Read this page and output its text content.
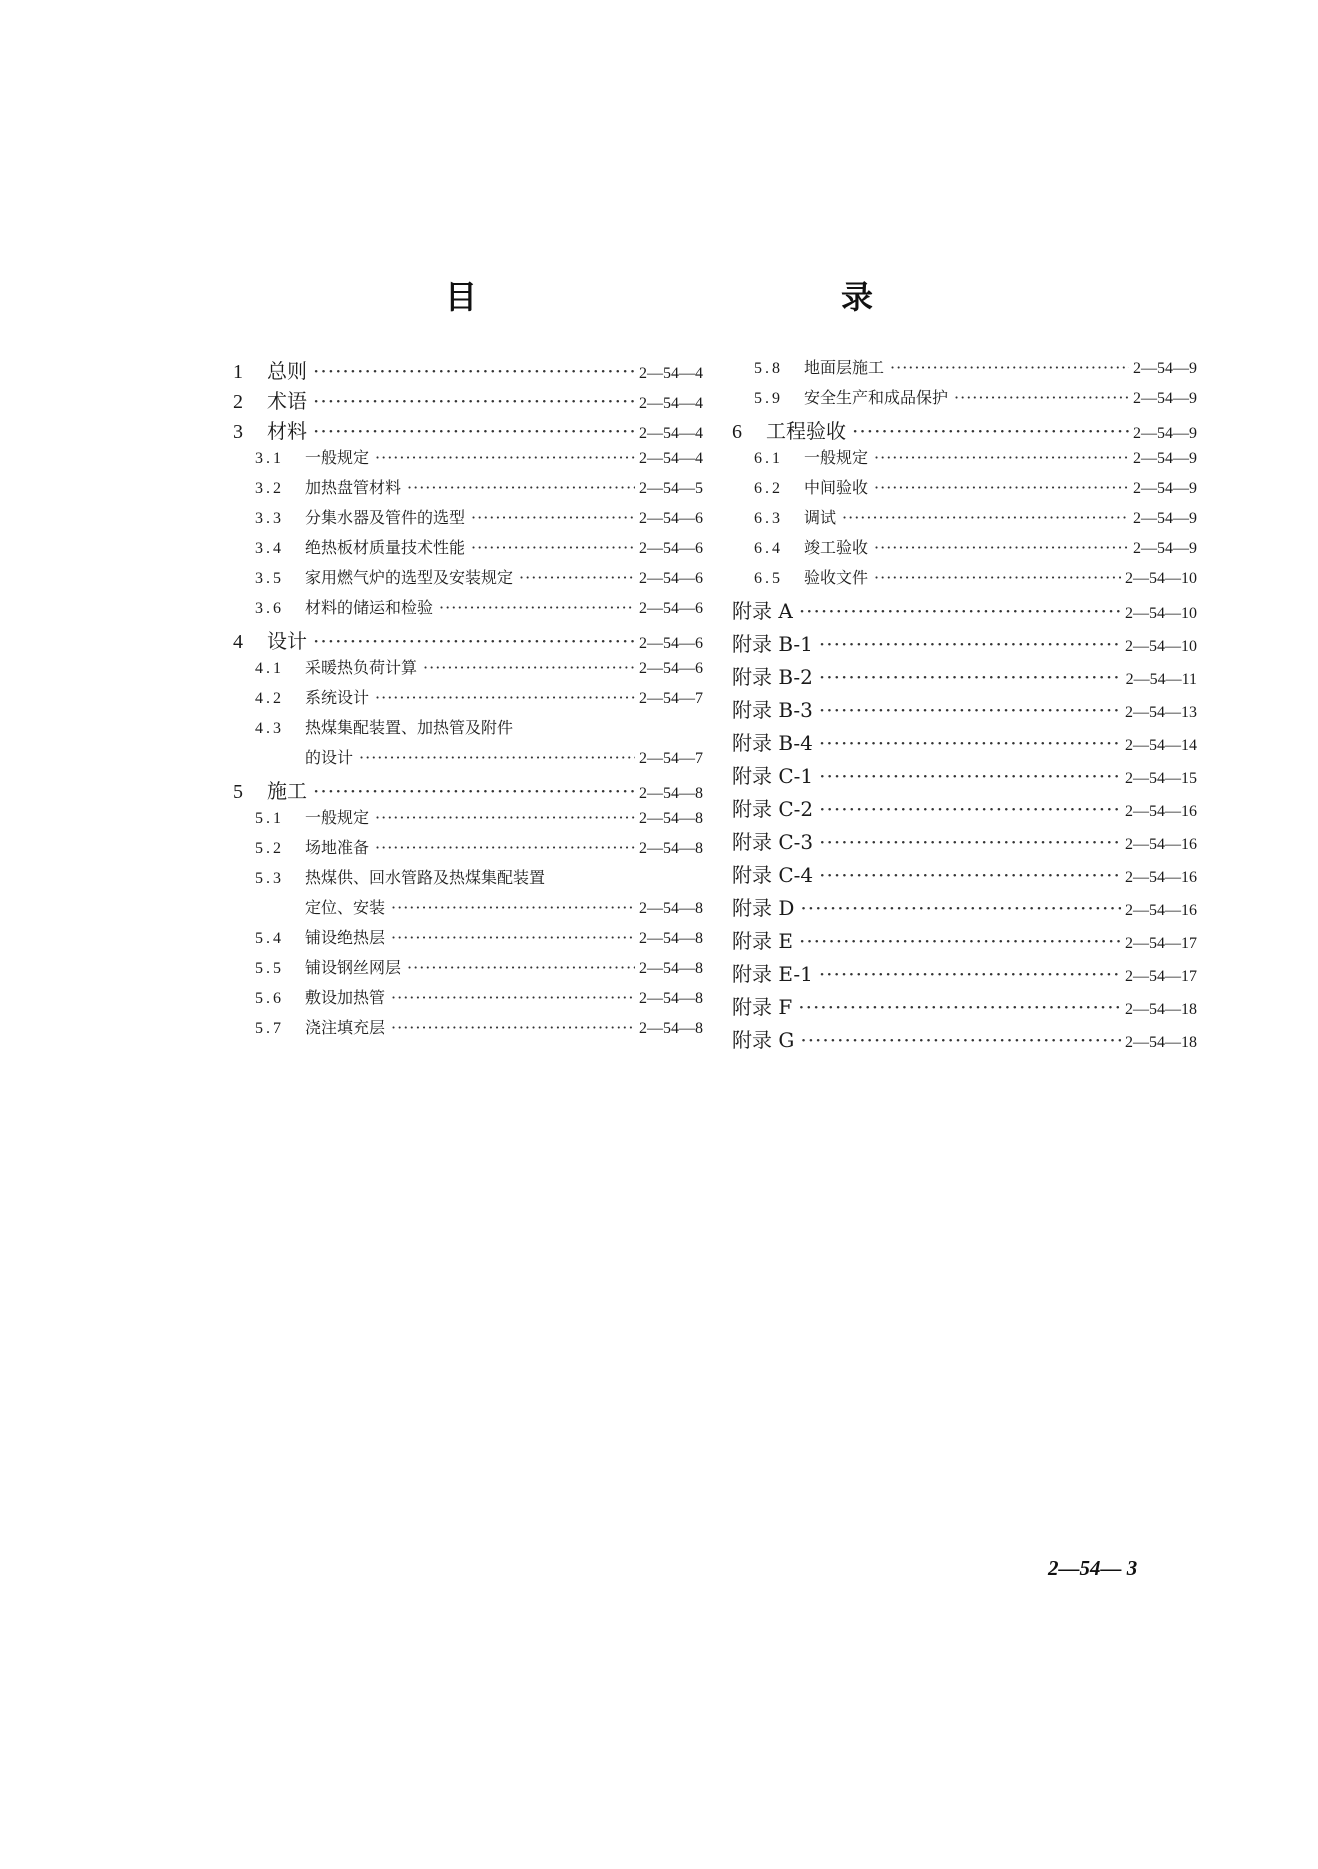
目　　录
1	总则 ·····	2—54—4
2	术语 ·····	2—54—4
3	材料 ·····	2—54—4
3.1	一般规定 ·····	2—54—4
3.2	加热盘管材料 ·····	2—54—5
3.3	分集水器及管件的选型 ·····	2—54—6
3.4	绝热板材质量技术性能 ·····	2—54—6
3.5	家用燃气炉的选型及安装规定 ·····	2—54—6
3.6	材料的储运和检验 ·····	2—54—6
4	设计 ·····	2—54—6
4.1	采暖热负荷计算 ·····	2—54—6
4.2	系统设计 ·····	2—54—7
4.3	热煤集配装置、加热管及附件
的设计 ·····	2—54—7
5	施工 ·····	2—54—8
5.1	一般规定 ·····	2—54—8
5.2	场地准备 ·····	2—54—8
5.3	热煤供、回水管路及热煤集配装置
定位、安装 ·····	2—54—8
5.4	铺设绝热层 ·····	2—54—8
5.5	铺设钢丝网层 ·····	2—54—8
5.6	敷设加热管 ·····	2—54—8
5.7	浇注填充层 ·····	2—54—8
5.8	地面层施工 ·····	2—54—9
5.9	安全生产和成品保护 ·····	2—54—9
6	工程验收 ·····	2—54—9
6.1	一般规定 ·····	2—54—9
6.2	中间验收 ·····	2—54—9
6.3	调试 ·····	2—54—9
6.4	竣工验收 ·····	2—54—9
6.5	验收文件 ·····	2—54—10
附录 A ·····	2—54—10
附录 B-1 ·····	2—54—10
附录 B-2 ·····	2—54—11
附录 B-3 ·····	2—54—13
附录 B-4 ·····	2—54—14
附录 C-1 ·····	2—54—15
附录 C-2 ·····	2—54—16
附录 C-3 ·····	2—54—16
附录 C-4 ·····	2—54—16
附录 D ·····	2—54—16
附录 E ·····	2—54—17
附录 E-1 ·····	2—54—17
附录 F ·····	2—54—18
附录 G ·····	2—54—18
2—54— 3
